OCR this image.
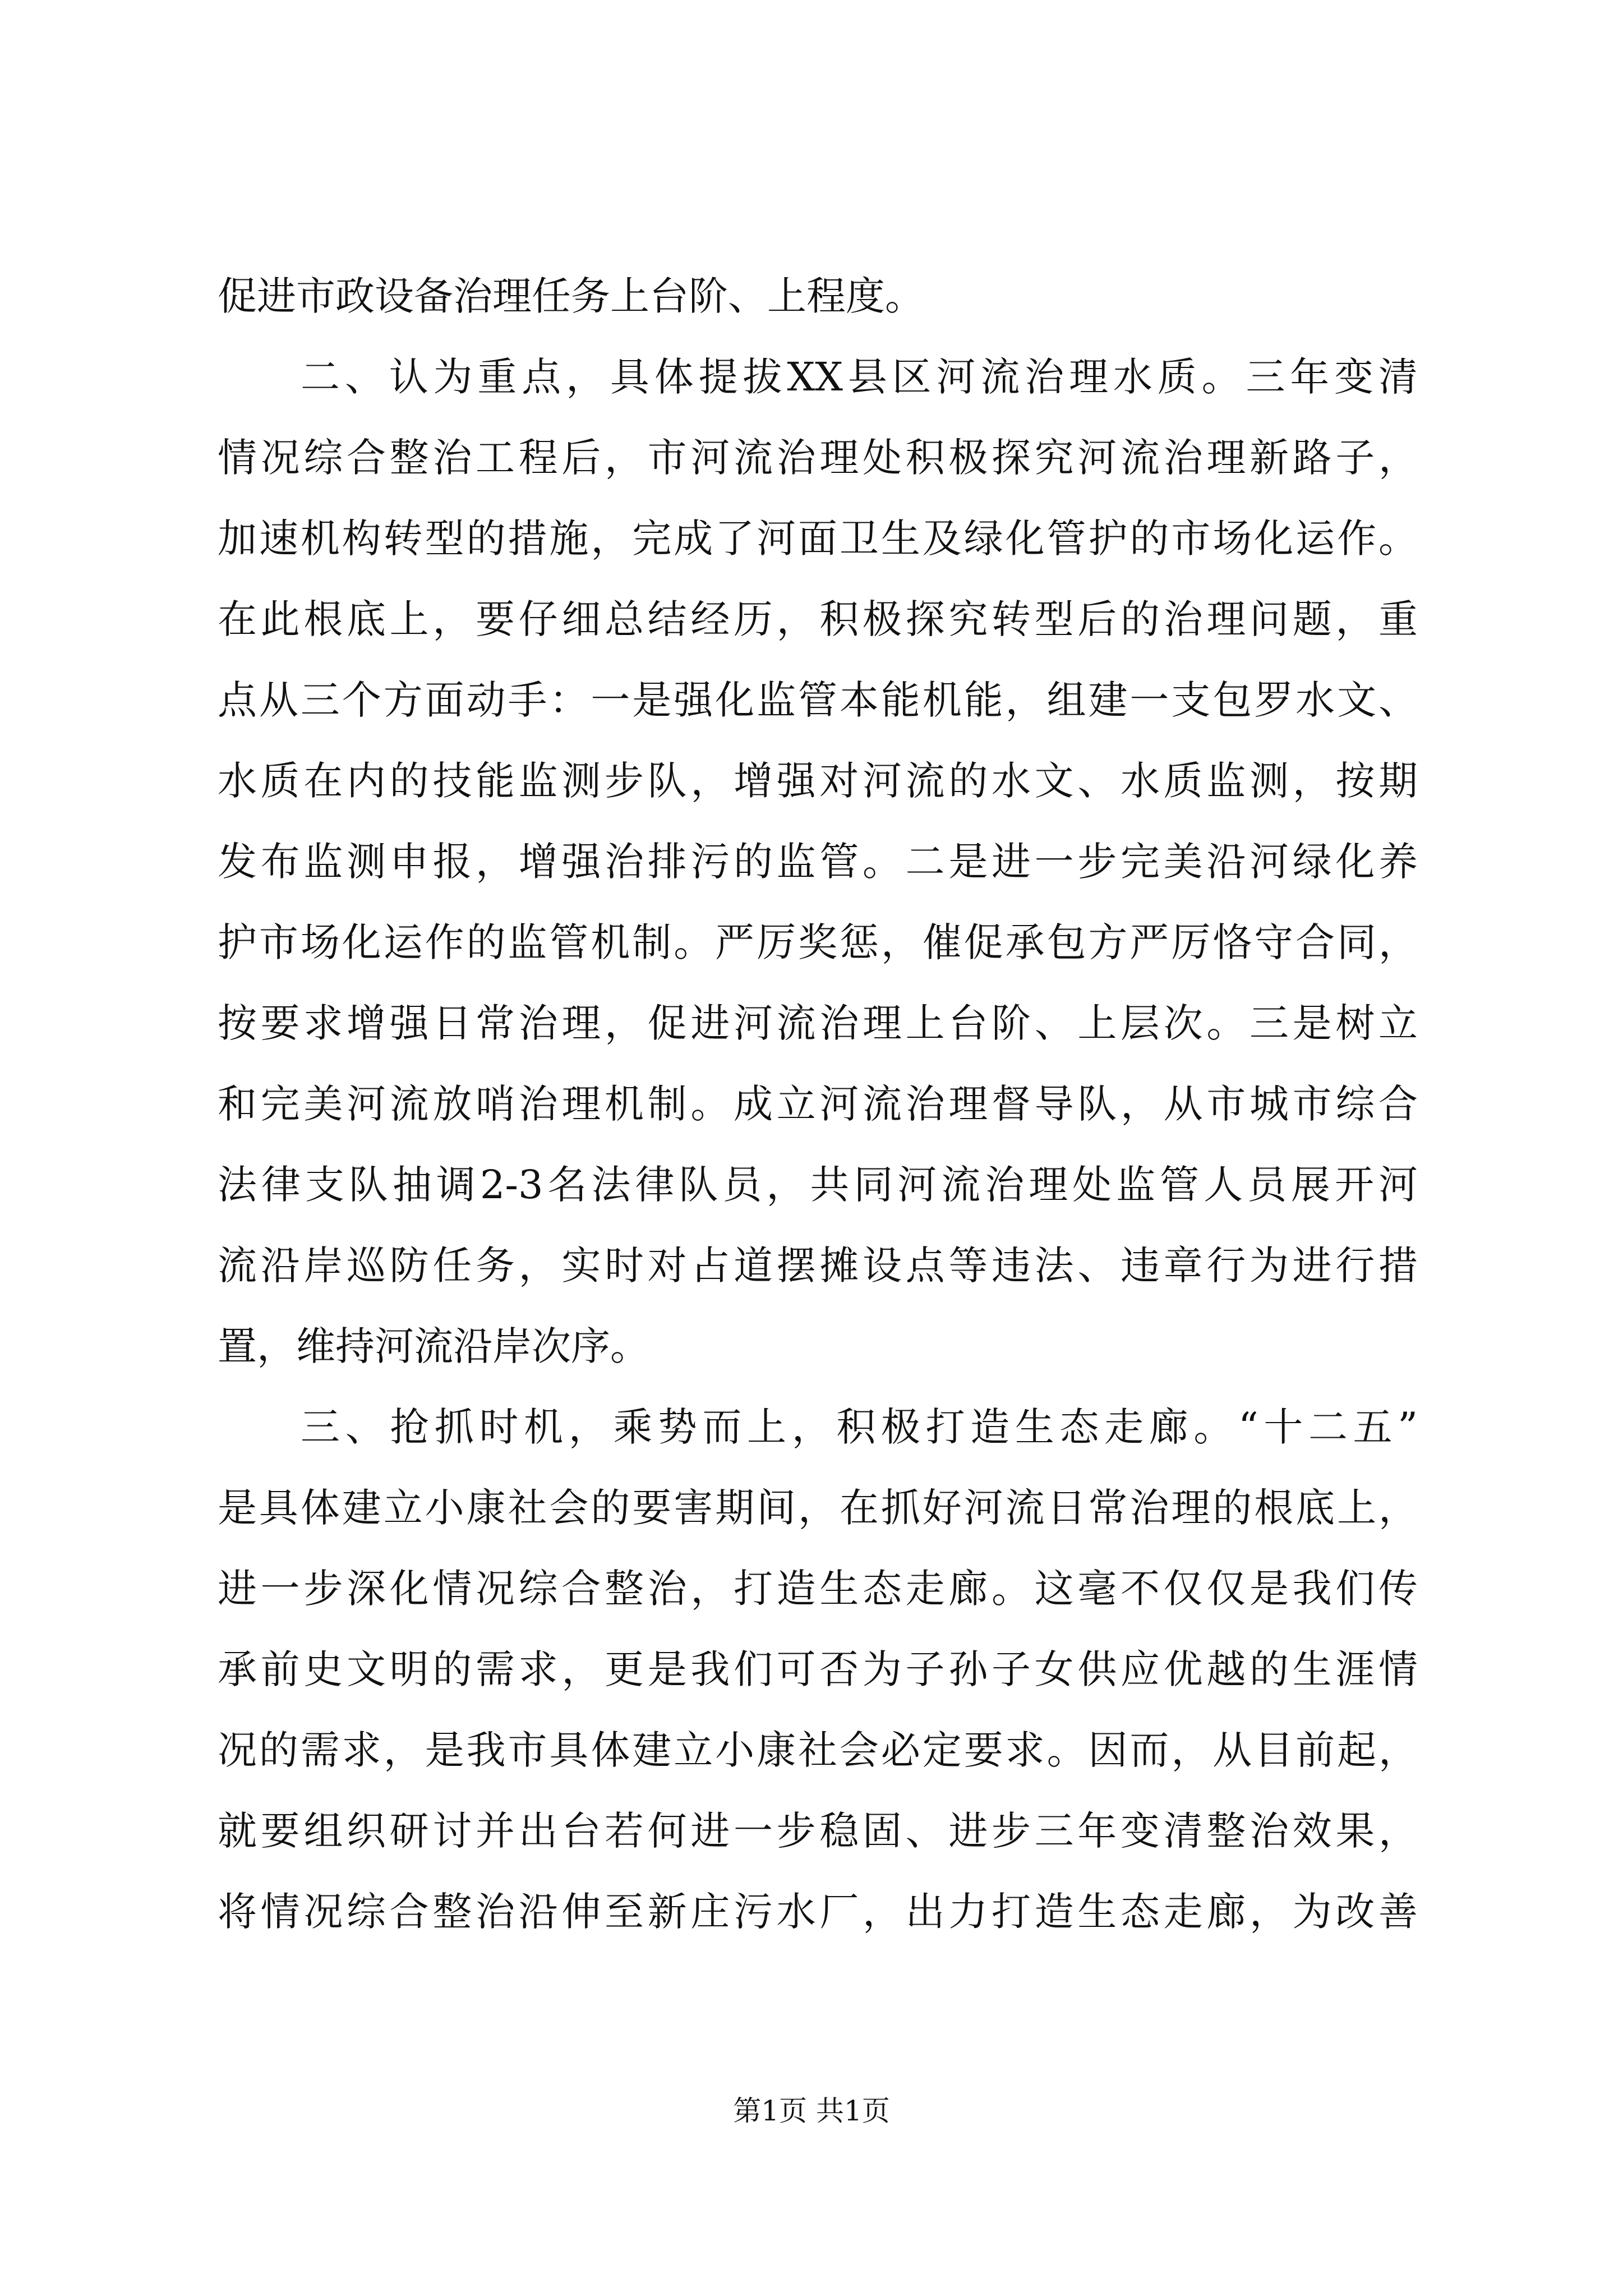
促进市政设备治理任务上台阶、上程度。
二、认为重点，具体提拔XX县区河流治理水质。三年变清
情况综合整治工程后，市河流治理处积极探究河流治理新路子，
加速机构转型的措施，完成了河面卫生及绿化管护的市场化运作。
在此根底上，要仔细总结经历，积极探究转型后的治理问题，重
点从三个方面动手：一是强化监管本能机能，组建一支包罗水文、
水质在内的技能监测步队，增强对河流的水文、水质监测，按期
发布监测申报，增强治排污的监管。二是进一步完美沿河绿化养
护市场化运作的监管机制。严厉奖惩，催促承包方严厉恪守合同，
按要求增强日常治理，促进河流治理上台阶、上层次。三是树立
和完美河流放哨治理机制。成立河流治理督导队，从市城市综合
法律支队抽调2-3名法律队员，共同河流治理处监管人员展开河
流沿岸巡防任务，实时对占道摆摊设点等违法、违章行为进行措
置，维持河流沿岸次序。
三、抢抓时机，乘势而上，积极打造生态走廊。“十二五”
是具体建立小康社会的要害期间，在抓好河流日常治理的根底上，
进一步深化情况综合整治，打造生态走廊。这毫不仅仅是我们传
承前史文明的需求，更是我们可否为子孙子女供应优越的生涯情
况的需求，是我市具体建立小康社会必定要求。因而，从目前起，
就要组织研讨并出台若何进一步稳固、进步三年变清整治效果，
将情况综合整治沿伸至新庄污水厂，出力打造生态走廊，为改善
第1页 共1页
